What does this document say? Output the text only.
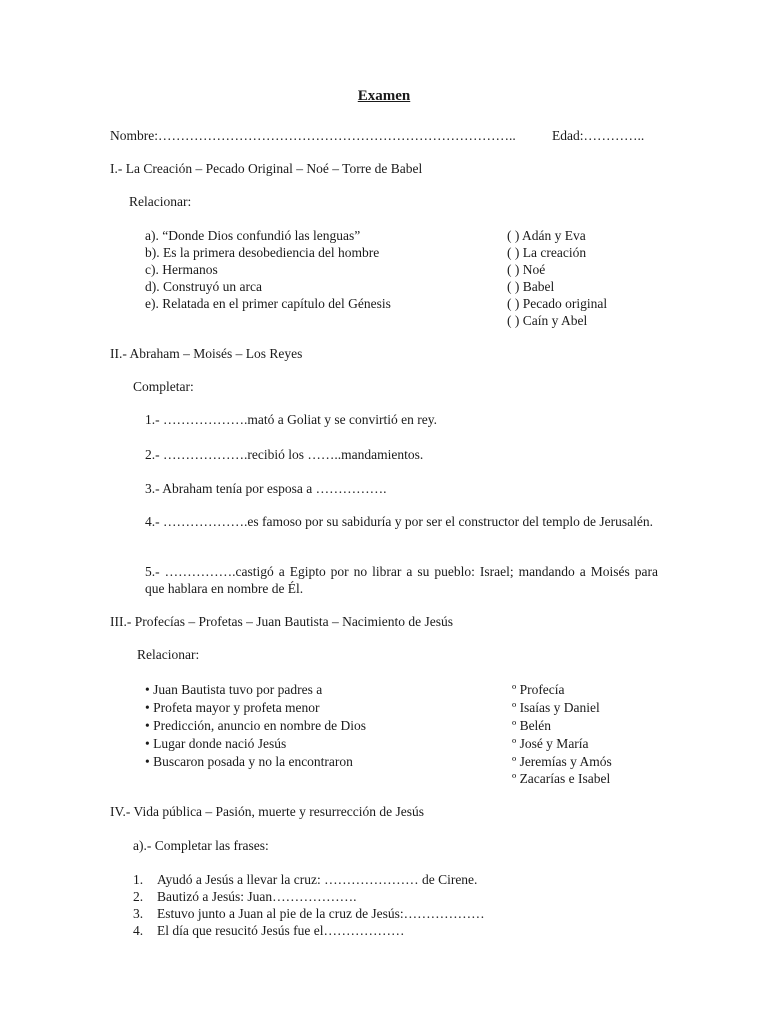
Examen
Nombre:……………………………………………………………………..	Edad:…………..
I.- La Creación – Pecado Original – Noé – Torre de Babel
Relacionar:
a). “Donde Dios confundió las lenguas”
b). Es la primera desobediencia del hombre
c). Hermanos
d). Construyó un arca
e). Relatada en el primer capítulo del Génesis
( ) Adán y Eva
( ) La creación
( ) Noé
( ) Babel
( ) Pecado original
( ) Caín y Abel
II.- Abraham – Moisés – Los Reyes
Completar:
1.- ……………….mató a Goliat y se convirtió en rey.
2.- ……………….recibió los ……..mandamientos.
3.- Abraham tenía por esposa a …………….
4.- ……………….es famoso por su sabiduría y por ser el constructor del templo de Jerusalén.
5.- …………….castigó a Egipto por no librar a su pueblo: Israel; mandando a Moisés para que hablara en nombre de Él.
III.- Profecías – Profetas – Juan Bautista – Nacimiento de Jesús
Relacionar:
• Juan Bautista tuvo por padres a
• Profeta mayor y profeta menor
• Predicción, anuncio en nombre de Dios
• Lugar donde nació Jesús
• Buscaron posada y no la encontraron
º Profecía
º Isaías y Daniel
º Belén
º José y María
º Jeremías y Amós
º Zacarías e Isabel
IV.- Vida pública – Pasión, muerte y resurrección de Jesús
a).- Completar las frases:
1. Ayudó a Jesús a llevar la cruz: ………………… de Cirene.
2. Bautizó a Jesús: Juan……………….
3. Estuvo junto a Juan al pie de la cruz de Jesús:………………
4. El día que resucitó Jesús fue el………………
